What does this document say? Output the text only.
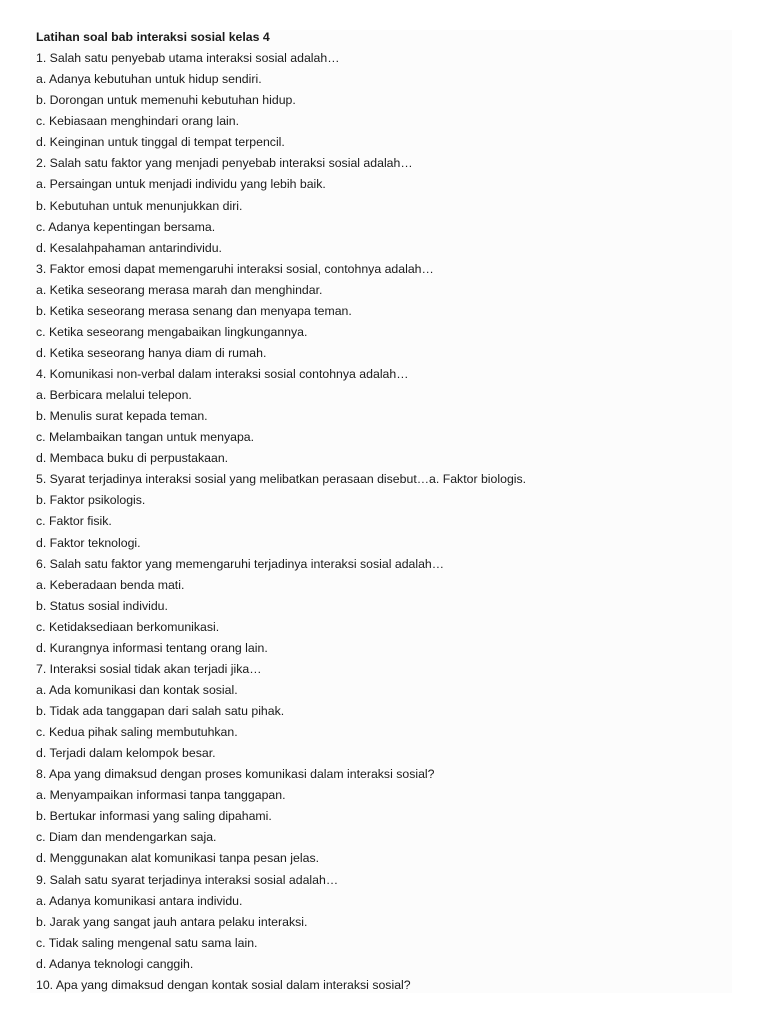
Latihan soal bab interaksi sosial kelas 4
1. Salah satu penyebab utama interaksi sosial adalah…
a. Adanya kebutuhan untuk hidup sendiri.
b. Dorongan untuk memenuhi kebutuhan hidup.
c. Kebiasaan menghindari orang lain.
d. Keinginan untuk tinggal di tempat terpencil.
2. Salah satu faktor yang menjadi penyebab interaksi sosial adalah…
a. Persaingan untuk menjadi individu yang lebih baik.
b. Kebutuhan untuk menunjukkan diri.
c. Adanya kepentingan bersama.
d. Kesalahpahaman antarindividu.
3. Faktor emosi dapat memengaruhi interaksi sosial, contohnya adalah…
a. Ketika seseorang merasa marah dan menghindar.
b. Ketika seseorang merasa senang dan menyapa teman.
c. Ketika seseorang mengabaikan lingkungannya.
d. Ketika seseorang hanya diam di rumah.
4. Komunikasi non-verbal dalam interaksi sosial contohnya adalah…
a. Berbicara melalui telepon.
b. Menulis surat kepada teman.
c. Melambaikan tangan untuk menyapa.
d. Membaca buku di perpustakaan.
5. Syarat terjadinya interaksi sosial yang melibatkan perasaan disebut…a. Faktor biologis.
b. Faktor psikologis.
c. Faktor fisik.
d. Faktor teknologi.
6. Salah satu faktor yang memengaruhi terjadinya interaksi sosial adalah…
a. Keberadaan benda mati.
b. Status sosial individu.
c. Ketidaksediaan berkomunikasi.
d. Kurangnya informasi tentang orang lain.
7. Interaksi sosial tidak akan terjadi jika…
a. Ada komunikasi dan kontak sosial.
b. Tidak ada tanggapan dari salah satu pihak.
c. Kedua pihak saling membutuhkan.
d. Terjadi dalam kelompok besar.
8. Apa yang dimaksud dengan proses komunikasi dalam interaksi sosial?
a. Menyampaikan informasi tanpa tanggapan.
b. Bertukar informasi yang saling dipahami.
c. Diam dan mendengarkan saja.
d. Menggunakan alat komunikasi tanpa pesan jelas.
9. Salah satu syarat terjadinya interaksi sosial adalah…
a. Adanya komunikasi antara individu.
b. Jarak yang sangat jauh antara pelaku interaksi.
c. Tidak saling mengenal satu sama lain.
d. Adanya teknologi canggih.
10. Apa yang dimaksud dengan kontak sosial dalam interaksi sosial?
